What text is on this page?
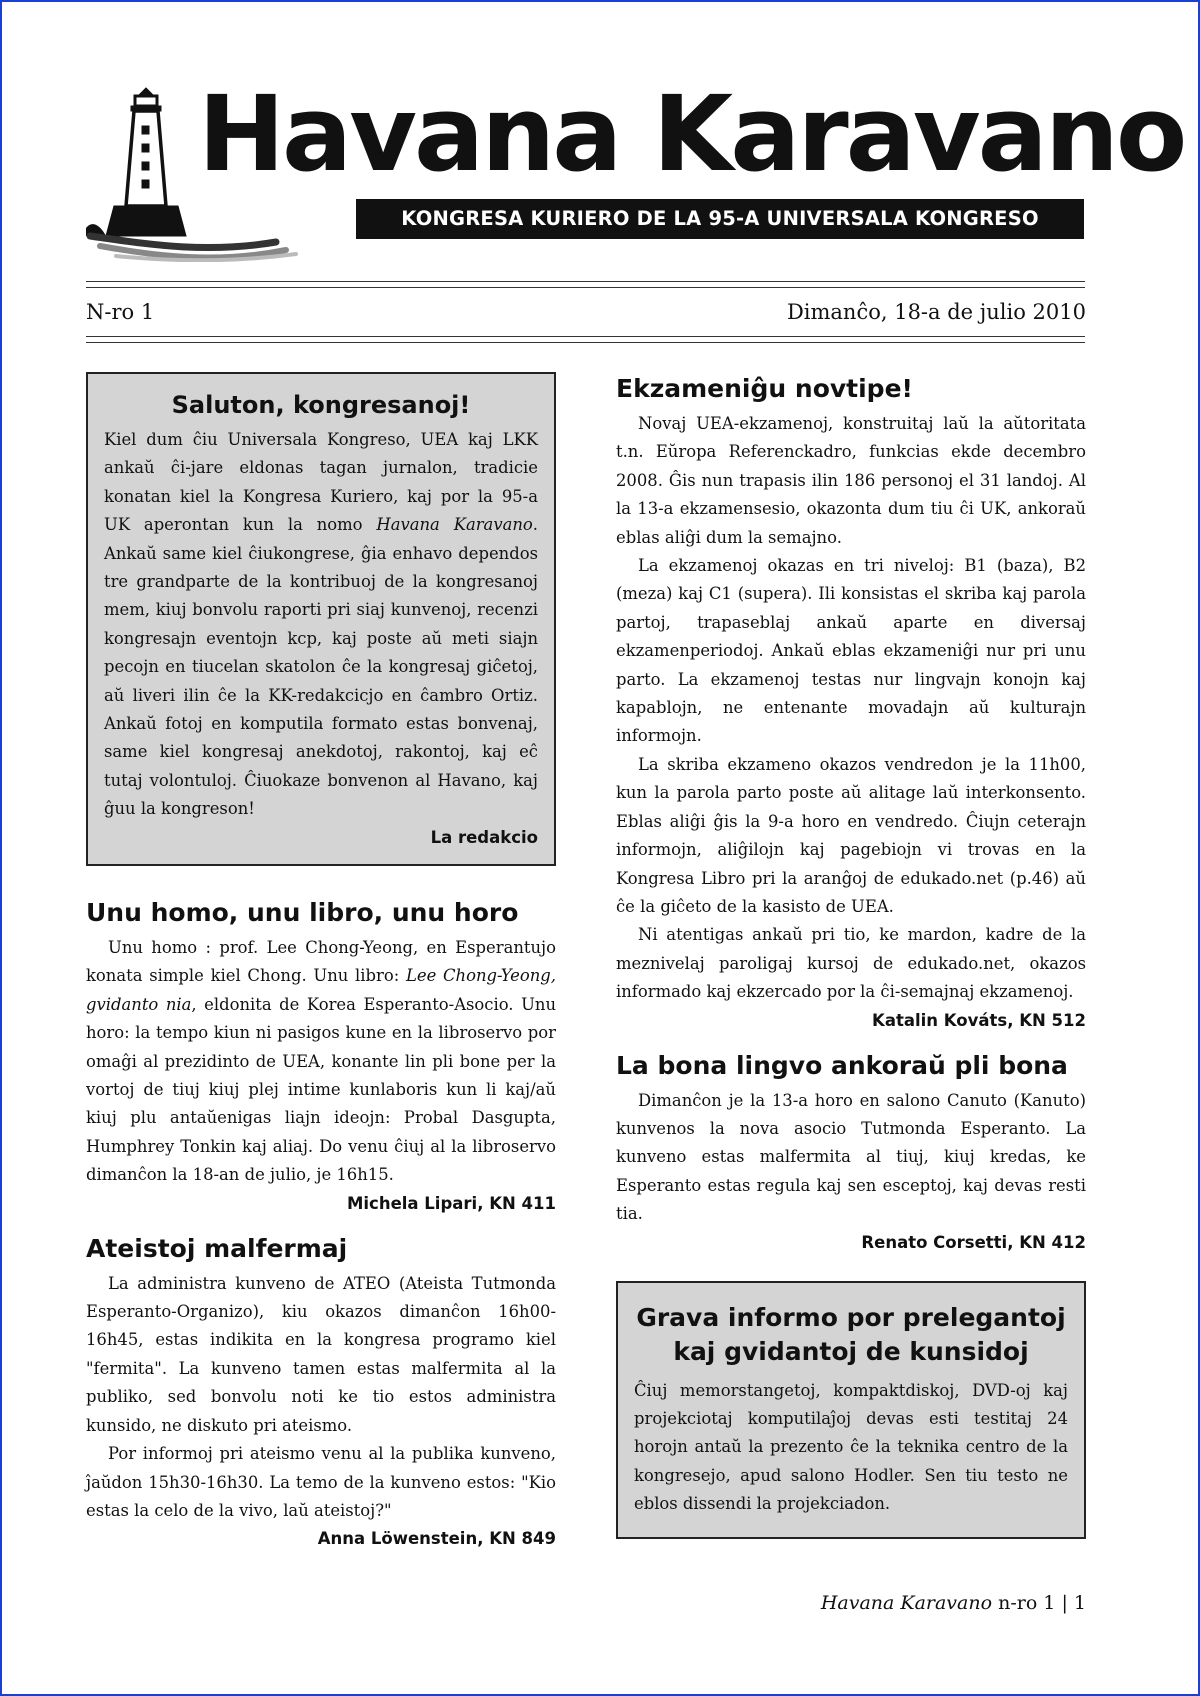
Havana Karavano
KONGRESA KURIERO DE LA 95-A UNIVERSALA KONGRESO
N-ro 1	Dimanĉo, 18-a de julio 2010
Saluton, kongresanoj!

Kiel dum ĉiu Universala Kongreso, UEA kaj LKK ankaŭ ĉi-jare eldonas tagan jurnalon, tradicie konatan kiel la Kongresa Kuriero, kaj por la 95-a UK aperontan kun la nomo Havana Karavano. Ankaŭ same kiel ĉiukongrese, ĝia enhavo dependos tre grandparte de la kontribuoj de la kongresanoj mem, kiuj bonvolu raporti pri siaj kunvenoj, recenzi kongresajn eventojn kcp, kaj poste aŭ meti siajn pecojn en tiucelan skatolon ĉe la kongresaj giĉetoj, aŭ liveri ilin ĉe la KK-redakcicjo en ĉambro Ortiz. Ankaŭ fotoj en komputila formato estas bonvenaj, same kiel kongresaj anekdotoj, rakontoj, kaj eĉ tutaj volontuloj. Ĉiuokaze bonvenon al Havano, kaj ĝuu la kongreson!

La redakcio
Unu homo, unu libro, unu horo

Unu homo : prof. Lee Chong-Yeong, en Esperantujo konata simple kiel Chong. Unu libro: Lee Chong-Yeong, gvidanto nia, eldonita de Korea Esperanto-Asocio. Unu horo: la tempo kiun ni pasigos kune en la libroservo por omaĝi al prezidinto de UEA, konante lin pli bone per la vortoj de tiuj kiuj plej intime kunlaboris kun li kaj/aŭ kiuj plu antaŭenigas liajn ideojn: Probal Dasgupta, Humphrey Tonkin kaj aliaj. Do venu ĉiuj al la libroservo dimanĉon la 18-an de julio, je 16h15.

Michela Lipari, KN 411
Ateistoj malfermaj

La administra kunveno de ATEO (Ateista Tutmonda Esperanto-Organizo), kiu okazos dimanĉon 16h00-16h45, estas indikita en la kongresa programo kiel "fermita". La kunveno tamen estas malfermita al la publiko, sed bonvolu noti ke tio estos administra kunsido, ne diskuto pri ateismo.

Por informoj pri ateismo venu al la publika kunveno, ĵaŭdon 15h30-16h30. La temo de la kunveno estos: "Kio estas la celo de la vivo, laŭ ateistoj?"

Anna Löwenstein, KN 849
Ekzameniĝu novtipe!

Novaj UEA-ekzamenoj, konstruitaj laŭ la aŭtoritata t.n. Eŭropa Referenckadro, funkcias ekde decembro 2008. Ĝis nun trapasis ilin 186 personoj el 31 landoj. Al la 13-a ekzamensesio, okazonta dum tiu ĉi UK, ankoraŭ eblas aliĝi dum la semajno.

La ekzamenoj okazas en tri niveloj: B1 (baza), B2 (meza) kaj C1 (supera). Ili konsistas el skriba kaj parola partoj, trapaseblaj ankaŭ aparte en diversaj ekzamenperiodoj. Ankaŭ eblas ekzameniĝi nur pri unu parto. La ekzamenoj testas nur lingvajn konojn kaj kapablojn, ne entenante movadajn aŭ kulturajn informojn.

La skriba ekzameno okazos vendredon je la 11h00, kun la parola parto poste aŭ alitage laŭ interkonsento. Eblas aliĝi ĝis la 9-a horo en vendredo. Ĉiujn ceterajn informojn, aliĝilojn kaj pagebiojn vi trovas en la Kongresa Libro pri la aranĝoj de edukado.net (p.46) aŭ ĉe la giĉeto de la kasisto de UEA.

Ni atentigas ankaŭ pri tio, ke mardon, kadre de la meznivelaj paroligaj kursoj de edukado.net, okazos informado kaj ekzercado por la ĉi-semajnaj ekzamenoj.

Katalin Kováts, KN 512
La bona lingvo ankoraŭ pli bona

Dimanĉon je la 13-a horo en salono Canuto (Kanuto) kunvenos la nova asocio Tutmonda Esperanto. La kunveno estas malfermita al tiuj, kiuj kredas, ke Esperanto estas regula kaj sen esceptoj, kaj devas resti tia.

Renato Corsetti, KN 412
Grava informo por prelegantoj kaj gvidantoj de kunsidoj

Ĉiuj memorstangetoj, kompaktdiskoj, DVD-oj kaj projekciotaj komputilaĵoj devas esti testitaj 24 horojn antaŭ la prezento ĉe la teknika centro de la kongresejo, apud salono Hodler. Sen tiu testo ne eblos dissendi la projekciadon.

Havana Karavano n-ro 1 | 1
